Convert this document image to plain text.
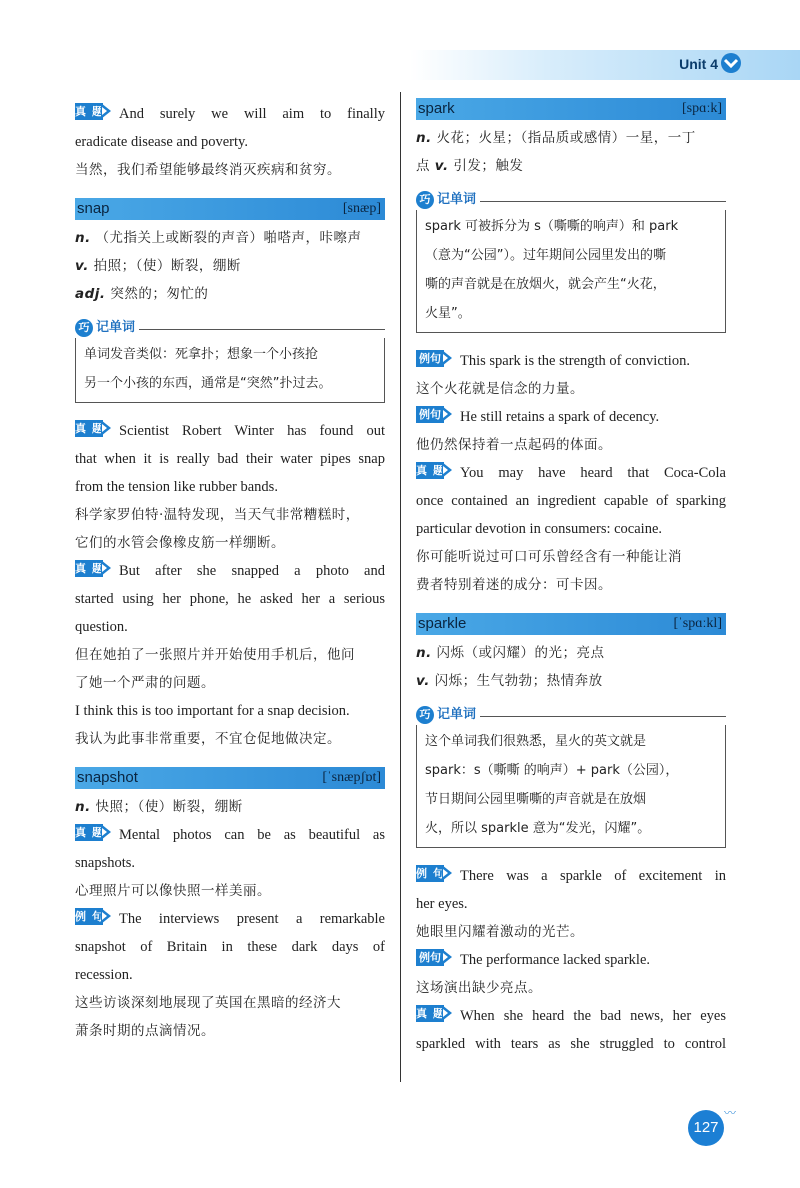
Unit 4
真题 And surely we will aim to finally
eradicate disease and poverty.
当然，我们希望能够最终消灭疾病和贫穷。
snap	[snæp]
n. （尤指关上或断裂的声音）啪嗒声，咔嚓声
v. 拍照；（使）断裂，绷断
adj. 突然的；匆忙的
巧 记单词
单词发音类似：死拿扑；想象一个小孩抢
另一个小孩的东西，通常是“突然”扑过去。
真题 Scientist Robert Winter has found out
that when it is really bad their water pipes snap
from the tension like rubber bands.
科学家罗伯特·温特发现，当天气非常糟糕时，
它们的水管会像橡皮筋一样绷断。
真题 But after she snapped a photo and
started using her phone, he asked her a serious
question.
但在她拍了一张照片并开始使用手机后，他问
了她一个严肃的问题。
I think this is too important for a snap decision.
我认为此事非常重要，不宜仓促地做决定。
snapshot	[ˈsnæpʃɒt]
n. 快照；（使）断裂，绷断
真题 Mental photos can be as beautiful as
snapshots.
心理照片可以像快照一样美丽。
例句 The interviews present a remarkable
snapshot of Britain in these dark days of
recession.
这些访谈深刻地展现了英国在黑暗的经济大
萧条时期的点滴情况。
spark	[spɑːk]
n. 火花；火星；（指品质或感情）一星，一丁
点 v. 引发；触发
巧 记单词
spark 可被拆分为 s（嘶嘶的响声）和 park
（意为“公园”）。过年期间公园里发出的嘶
嘶的声音就是在放烟火，就会产生“火花，
火星”。
例句 This spark is the strength of conviction.
这个火花就是信念的力量。
例句 He still retains a spark of decency.
他仍然保持着一点起码的体面。
真题 You may have heard that Coca-Cola
once contained an ingredient capable of sparking
particular devotion in consumers: cocaine.
你可能听说过可口可乐曾经含有一种能让消
费者特别着迷的成分：可卡因。
sparkle	[ˈspɑːkl]
n. 闪烁（或闪耀）的光；亮点
v. 闪烁；生气勃勃；热情奔放
巧 记单词
这个单词我们很熟悉，星火的英文就是
spark：s（嘶嘶 的响声）+ park（公园），
节日期间公园里嘶嘶的声音就是在放烟
火，所以 sparkle 意为“发光，闪耀”。
例句 There was a sparkle of excitement in
her eyes.
她眼里闪耀着激动的光芒。
例句 The performance lacked sparkle.
这场演出缺少亮点。
真题 When she heard the bad news, her eyes
sparkled with tears as she struggled to control
127
〰
